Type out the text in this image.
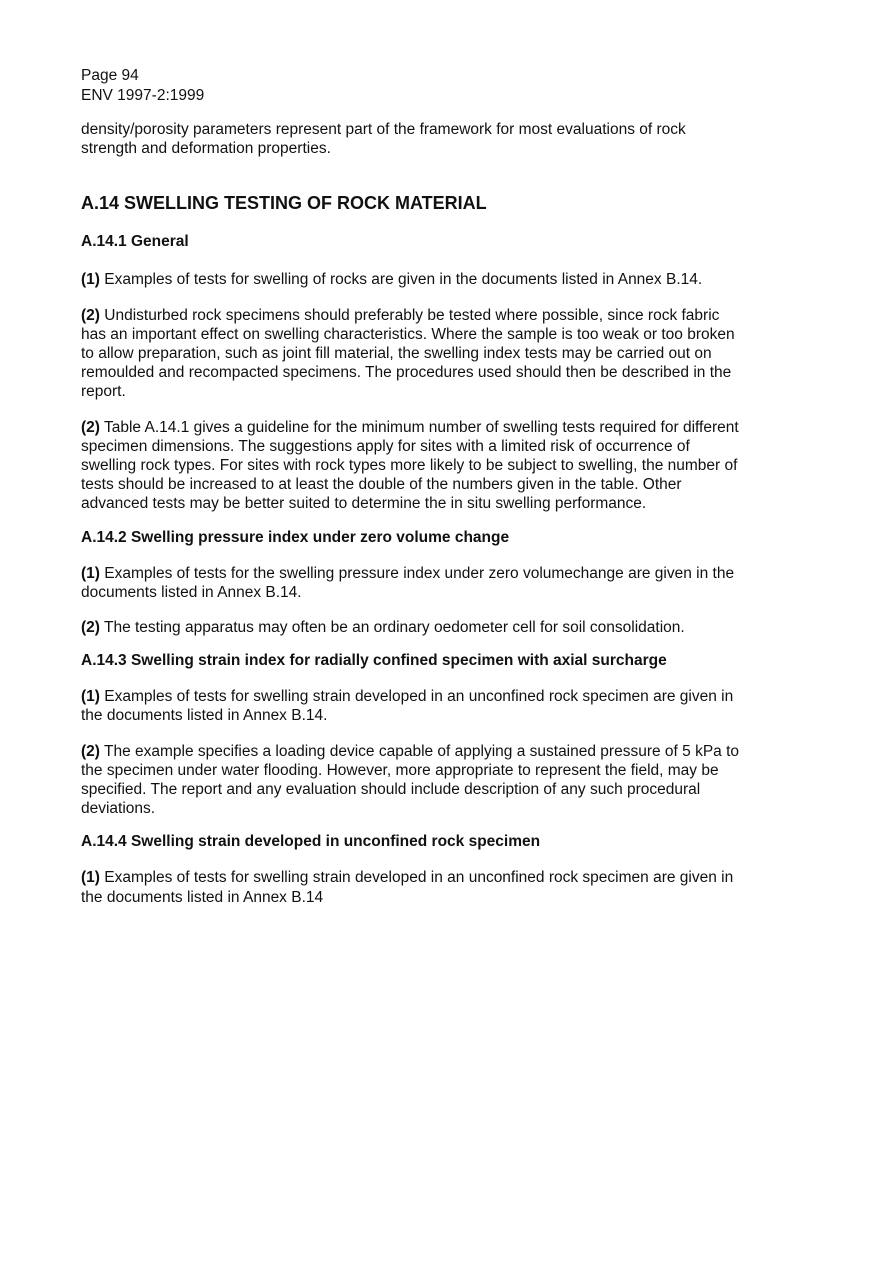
Page 94

ENV 1997-2:1999

density/porosity parameters represent part of the framework for most evaluations of rock strength and deformation properties.

A.14 SWELLING TESTING OF ROCK MATERIAL
A.14.1 General

(1) Examples of tests for swelling of rocks are given in the documents listed in Annex B.14.

(2) Undisturbed rock specimens should preferably be tested where possible, since rock fabric has an important effect on swelling characteristics. Where the sample is too weak or too broken to allow preparation, such as joint fill material, the swelling index tests may be carried out on remoulded and recompacted specimens. The procedures used should then be described in the report.

(2) Table A.14.1 gives a guideline for the minimum number of swelling tests required for different specimen dimensions. The suggestions apply for sites with a limited risk of occurrence of swelling rock types. For sites with rock types more likely to be subject to swelling, the number of tests should be increased to at least the double of the numbers given in the table. Other advanced tests may be better suited to determine the in situ swelling performance.

A.14.2 Swelling pressure index under zero volume change

(1) Examples of tests for the swelling pressure index under zero volumechange are given in the documents listed in Annex B.14.

(2) The testing apparatus may often be an ordinary oedometer cell for soil consolidation.

A.14.3 Swelling strain index for radially confined specimen with axial surcharge

(1) Examples of tests for swelling strain developed in an unconfined rock specimen are given in the documents listed in Annex B.14.

(2) The example specifies a loading device capable of applying a sustained pressure of 5 kPa to the specimen under water flooding. However, more appropriate to represent the field, may be specified. The report and any evaluation should include description of any such procedural deviations.

A.14.4 Swelling strain developed in unconfined rock specimen

(1) Examples of tests for swelling strain developed in an unconfined rock specimen are given in the documents listed in Annex B.14
